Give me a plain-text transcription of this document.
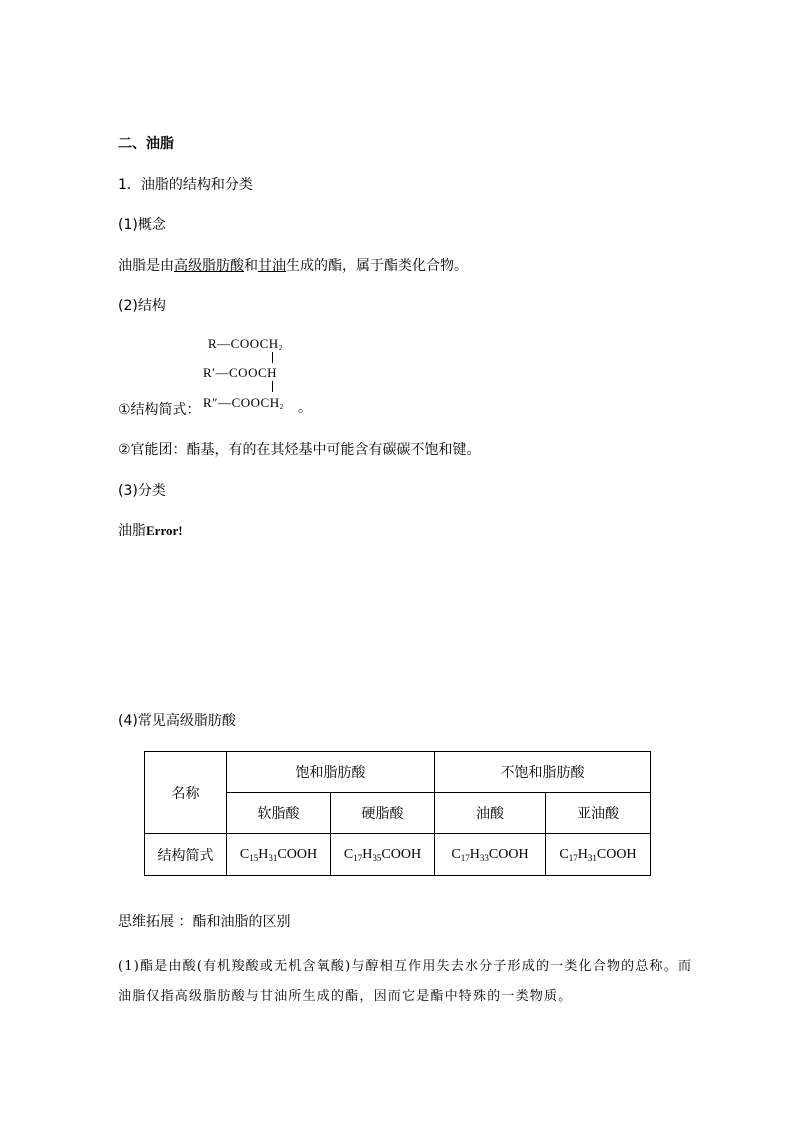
二、油脂
1．油脂的结构和分类
(1)概念
油脂是由高级脂肪酸和甘油生成的酯，属于酯类化合物。
(2)结构
$R—COOCH_2$
R′—COOCH
$R''—COOCH_2$
①结构简式：	。
②官能团：酯基，有的在其烃基中可能含有碳碳不饱和键。
(3)分类
油脂Error!
(4)常见高级脂肪酸
名称	饱和脂肪酸		不饱和脂肪酸	
	软脂酸	硬脂酸	油酸	亚油酸
结构简式	$C_{15}H_{31}COOH$	$C_{17}H_{35}COOH$	$C_{17}H_{33}COOH$	$C_{17}H_{31}COOH$
思维拓展 ：酯和油脂的区别
(1)酯是由酸(有机羧酸或无机含氧酸)与醇相互作用失去水分子形成的一类化合物的总称。而
油脂仅指高级脂肪酸与甘油所生成的酯，因而它是酯中特殊的一类物质。
